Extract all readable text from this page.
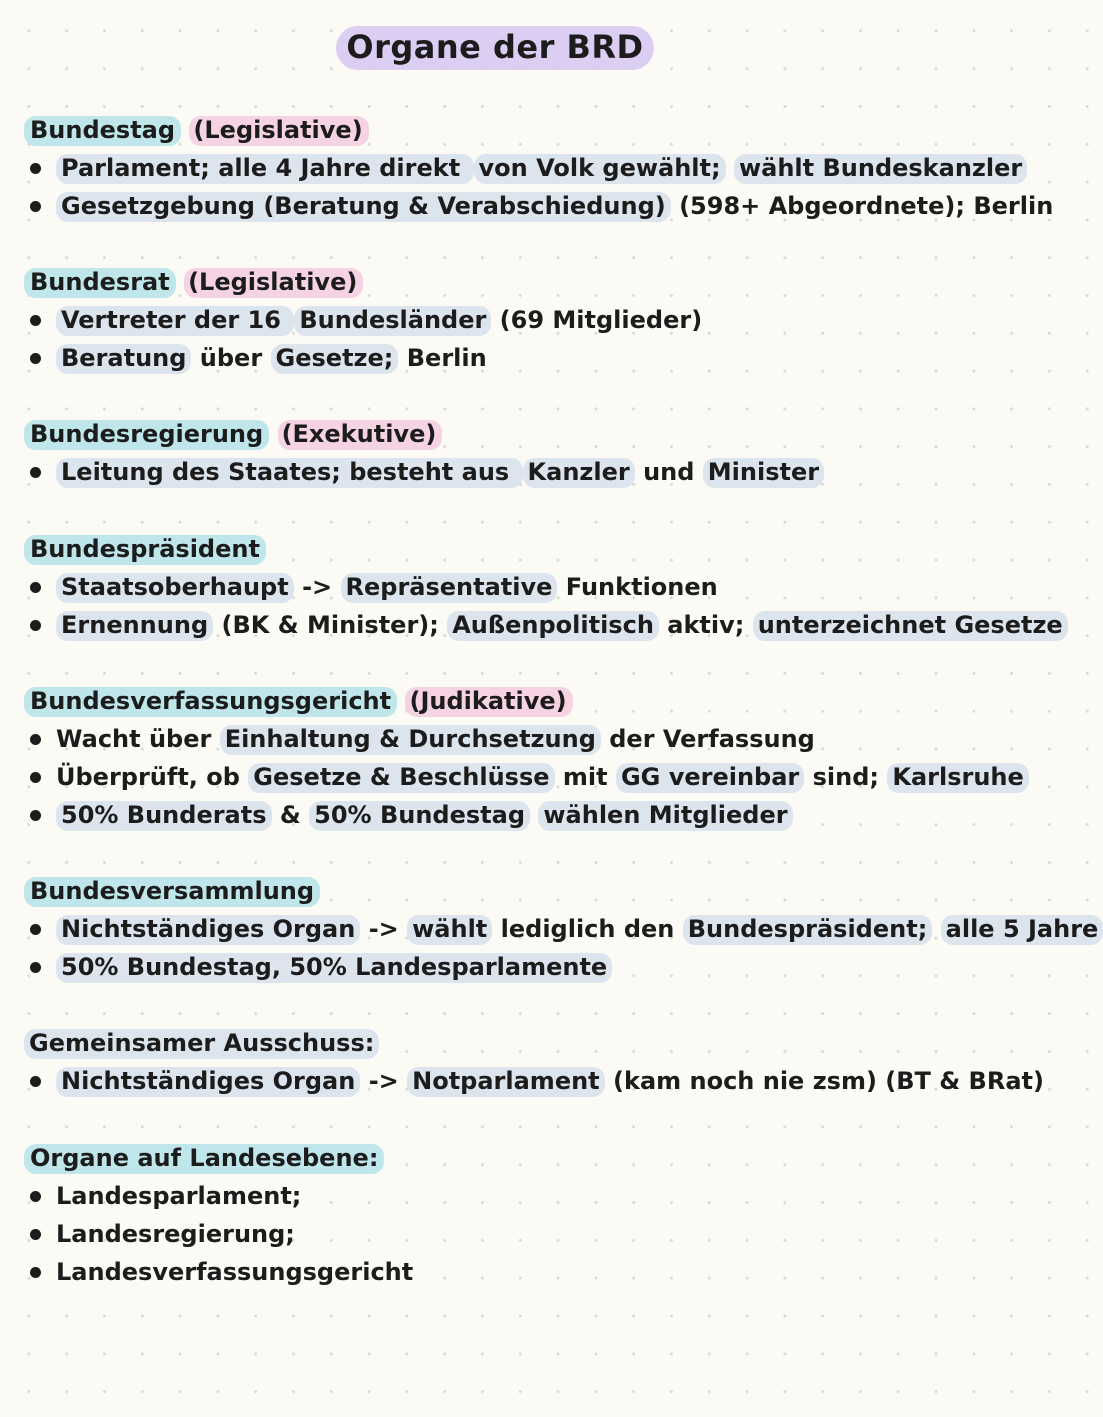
Organe der BRD
Bundestag (Legislative)
Parlament; alle 4 Jahre direkt von Volk gewählt; wählt Bundeskanzler
Gesetzgebung (Beratung & Verabschiedung) (598+ Abgeordnete); Berlin
Bundesrat (Legislative)
Vertreter der 16 Bundesländer (69 Mitglieder)
Beratung über Gesetze; Berlin
Bundesregierung (Exekutive)
Leitung des Staates; besteht aus Kanzler und Minister
Bundespräsident
Staatsoberhaupt -> Repräsentative Funktionen
Ernennung (BK & Minister); Außenpolitisch aktiv; unterzeichnet Gesetze
Bundesverfassungsgericht (Judikative)
Wacht über Einhaltung & Durchsetzung der Verfassung
Überprüft, ob Gesetze & Beschlüsse mit GG vereinbar sind; Karlsruhe
50% Bunderats & 50% Bundestag wählen Mitglieder
Bundesversammlung
Nichtständiges Organ -> wählt lediglich den Bundespräsident; alle 5 Jahre
50% Bundestag, 50% Landesparlamente
Gemeinsamer Ausschuss:
Nichtständiges Organ -> Notparlament (kam noch nie zsm) (BT & BRat)
Organe auf Landesebene:
Landesparlament;
Landesregierung;
Landesverfassungsgericht
